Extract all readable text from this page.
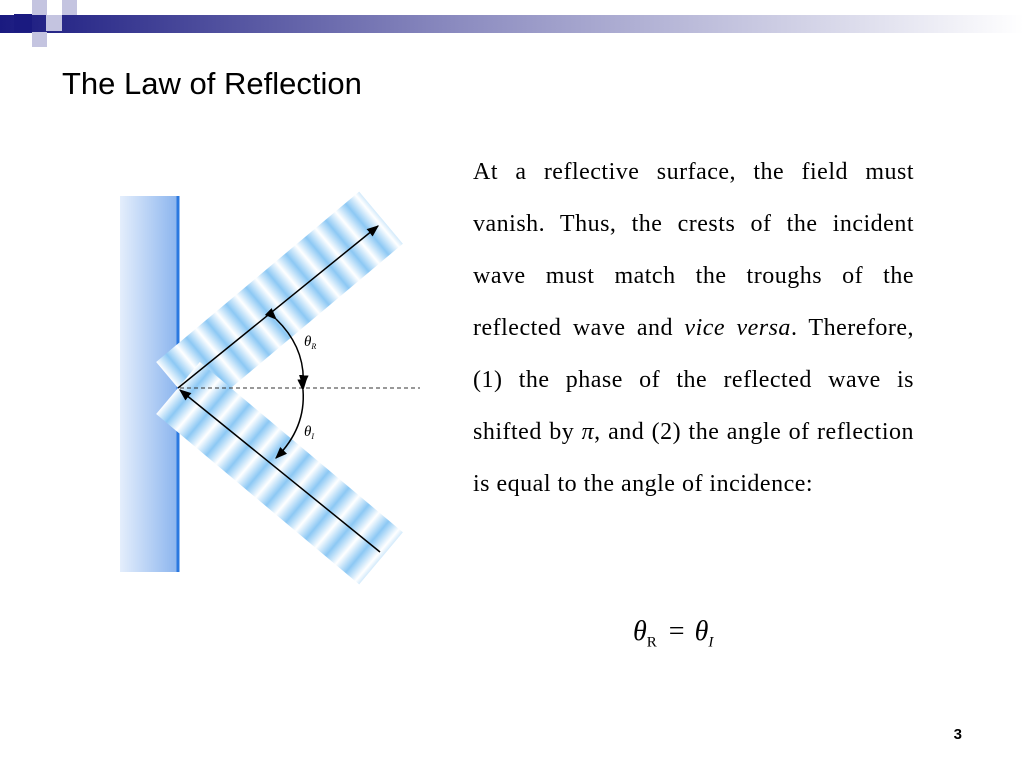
The Law of Reflection
$\theta_R$
$\theta_I$
At a reflective surface, the field must vanish. Thus, the crests of the incident wave must match the troughs of the reflected wave and vice versa. Therefore, (1) the phase of the reflected wave is shifted by π, and (2) the angle of reflection is equal to the angle of incidence:
$\theta_R = \theta_I$
3
